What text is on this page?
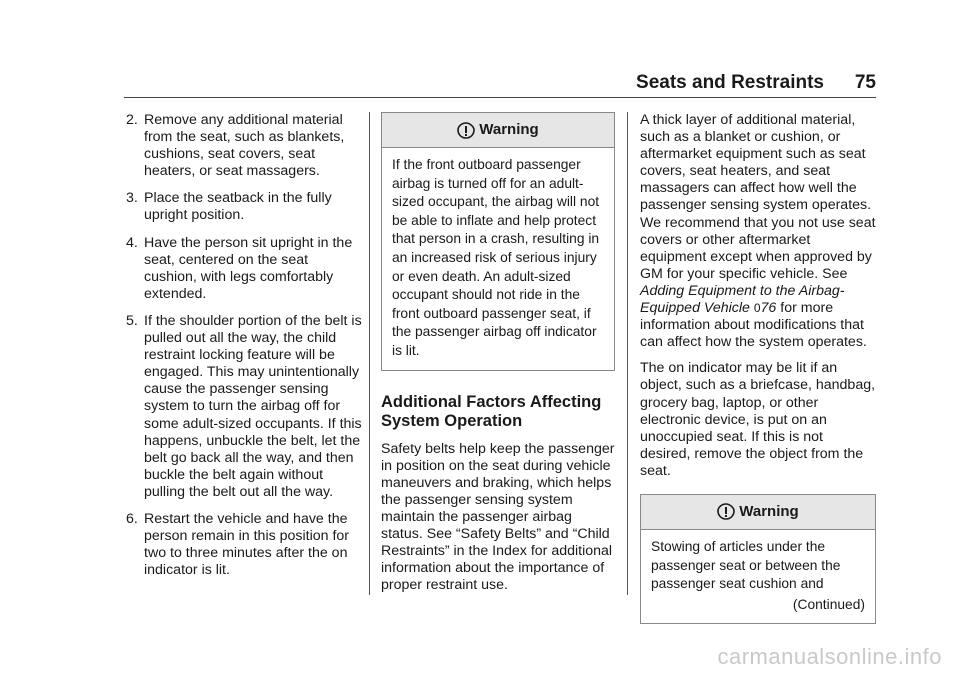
Seats and Restraints 75
2. Remove any additional material from the seat, such as blankets, cushions, seat covers, seat heaters, or seat massagers.
3. Place the seatback in the fully upright position.
4. Have the person sit upright in the seat, centered on the seat cushion, with legs comfortably extended.
5. If the shoulder portion of the belt is pulled out all the way, the child restraint locking feature will be engaged. This may unintentionally cause the passenger sensing system to turn the airbag off for some adult-sized occupants. If this happens, unbuckle the belt, let the belt go back all the way, and then buckle the belt again without pulling the belt out all the way.
6. Restart the vehicle and have the person remain in this position for two to three minutes after the on indicator is lit.
Warning
If the front outboard passenger airbag is turned off for an adult-sized occupant, the airbag will not be able to inflate and help protect that person in a crash, resulting in an increased risk of serious injury or even death. An adult-sized occupant should not ride in the front outboard passenger seat, if the passenger airbag off indicator is lit.
Additional Factors Affecting System Operation

Safety belts help keep the passenger in position on the seat during vehicle maneuvers and braking, which helps the passenger sensing system maintain the passenger airbag status. See “Safety Belts” and “Child Restraints” in the Index for additional information about the importance of proper restraint use.

A thick layer of additional material, such as a blanket or cushion, or aftermarket equipment such as seat covers, seat heaters, and seat massagers can affect how well the passenger sensing system operates. We recommend that you not use seat covers or other aftermarket equipment except when approved by GM for your specific vehicle. See Adding Equipment to the Airbag-Equipped Vehicle 076 for more information about modifications that can affect how the system operates.

The on indicator may be lit if an object, such as a briefcase, handbag, grocery bag, laptop, or other electronic device, is put on an unoccupied seat. If this is not desired, remove the object from the seat.

Warning
Stowing of articles under the passenger seat or between the passenger seat cushion and
(Continued)
carmanualsonline.info
